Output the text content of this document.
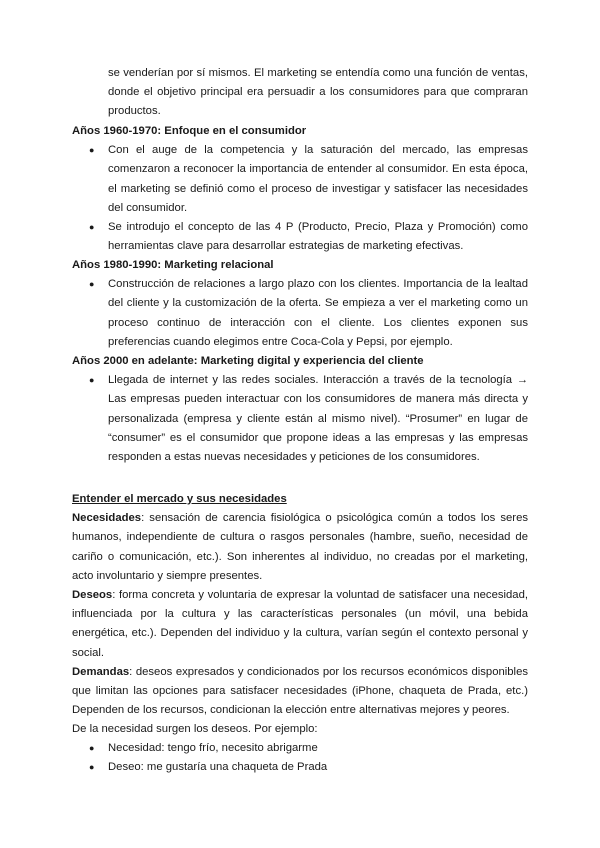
se venderían por sí mismos. El marketing se entendía como una función de ventas, donde el objetivo principal era persuadir a los consumidores para que compraran productos.

Años 1960-1970: Enfoque en el consumidor
● Con el auge de la competencia y la saturación del mercado, las empresas comenzaron a reconocer la importancia de entender al consumidor. En esta época, el marketing se definió como el proceso de investigar y satisfacer las necesidades del consumidor.
● Se introdujo el concepto de las 4 P (Producto, Precio, Plaza y Promoción) como herramientas clave para desarrollar estrategias de marketing efectivas.
Años 1980-1990: Marketing relacional
● Construcción de relaciones a largo plazo con los clientes. Importancia de la lealtad del cliente y la customización de la oferta. Se empieza a ver el marketing como un proceso continuo de interacción con el cliente. Los clientes exponen sus preferencias cuando elegimos entre Coca-Cola y Pepsi, por ejemplo.
Años 2000 en adelante: Marketing digital y experiencia del cliente
● Llegada de internet y las redes sociales. Interacción a través de la tecnología → Las empresas pueden interactuar con los consumidores de manera más directa y personalizada (empresa y cliente están al mismo nivel). “Prosumer” en lugar de “consumer” es el consumidor que propone ideas a las empresas y las empresas responden a estas nuevas necesidades y peticiones de los consumidores.
Entender el mercado y sus necesidades

Necesidades: sensación de carencia fisiológica o psicológica común a todos los seres humanos, independiente de cultura o rasgos personales (hambre, sueño, necesidad de cariño o comunicación, etc.). Son inherentes al individuo, no creadas por el marketing, acto involuntario y siempre presentes.

Deseos: forma concreta y voluntaria de expresar la voluntad de satisfacer una necesidad, influenciada por la cultura y las características personales (un móvil, una bebida energética, etc.). Dependen del individuo y la cultura, varían según el contexto personal y social.

Demandas: deseos expresados y condicionados por los recursos económicos disponibles que limitan las opciones para satisfacer necesidades (iPhone, chaqueta de Prada, etc.) Dependen de los recursos, condicionan la elección entre alternativas mejores y peores.

De la necesidad surgen los deseos. Por ejemplo:

● Necesidad: tengo frío, necesito abrigarme
● Deseo: me gustaría una chaqueta de Prada
